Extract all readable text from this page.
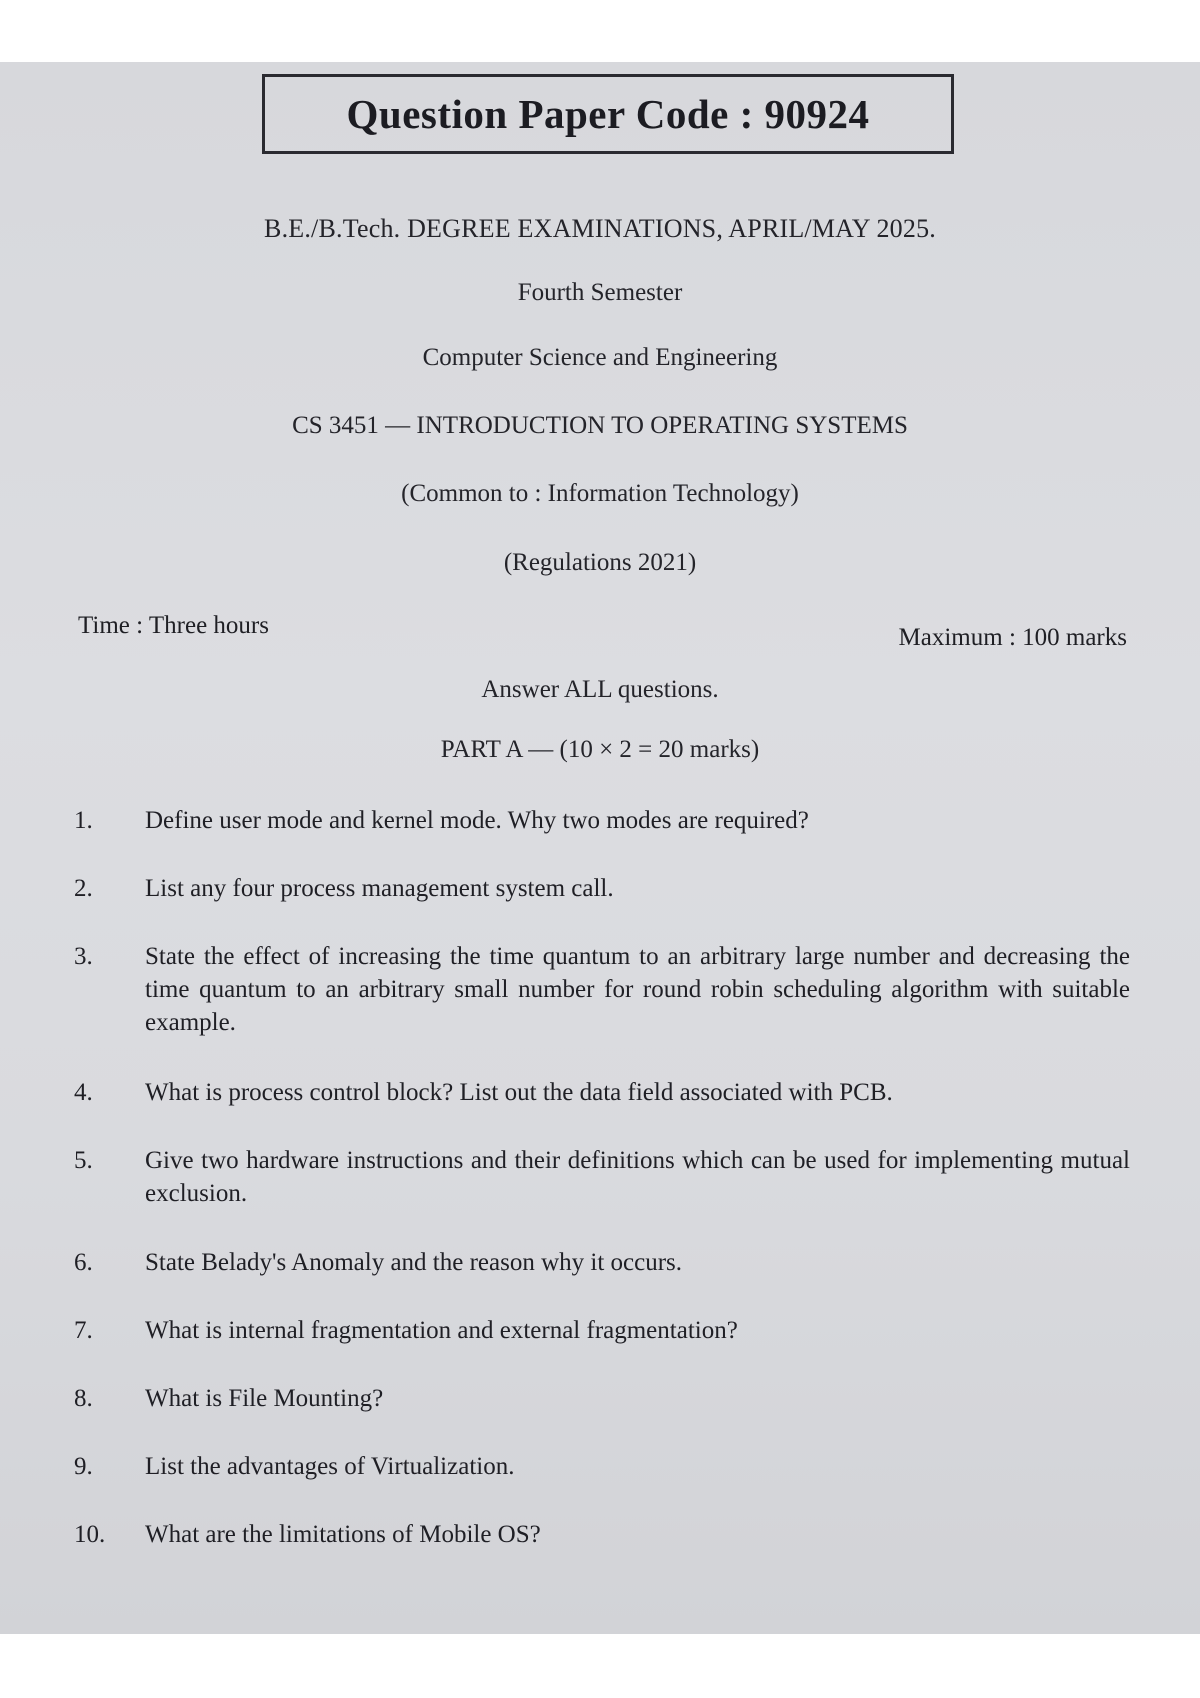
Question Paper Code : 90924
B.E./B.Tech. DEGREE EXAMINATIONS, APRIL/MAY 2025.
Fourth Semester
Computer Science and Engineering
CS 3451 — INTRODUCTION TO OPERATING SYSTEMS
(Common to : Information Technology)
(Regulations 2021)
Time : Three hours	Maximum : 100 marks
Answer ALL questions.
PART A — (10 × 2 = 20 marks)
1.	Define user mode and kernel mode. Why two modes are required?
2.	List any four process management system call.
3.	State the effect of increasing the time quantum to an arbitrary large number and decreasing the time quantum to an arbitrary small number for round robin scheduling algorithm with suitable example.
4.	What is process control block? List out the data field associated with PCB.
5.	Give two hardware instructions and their definitions which can be used for implementing mutual exclusion.
6.	State Belady's Anomaly and the reason why it occurs.
7.	What is internal fragmentation and external fragmentation?
8.	What is File Mounting?
9.	List the advantages of Virtualization.
10.	What are the limitations of Mobile OS?
